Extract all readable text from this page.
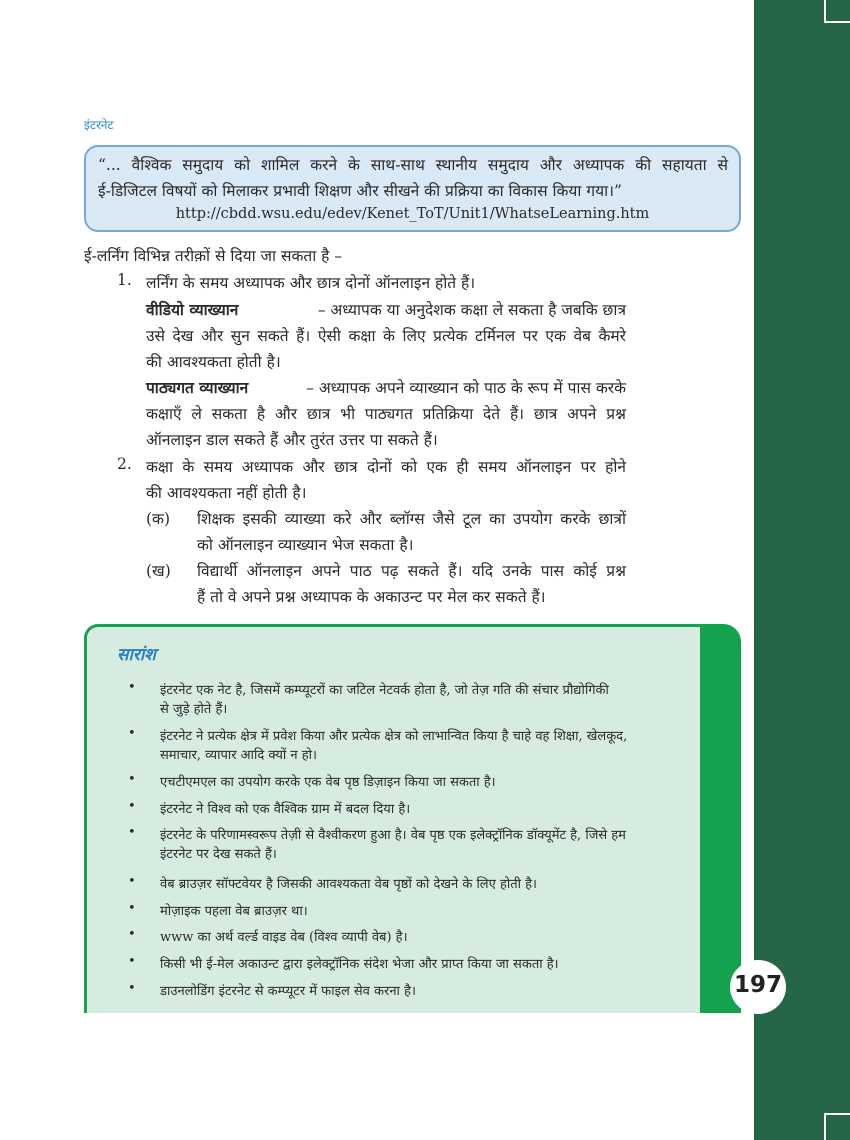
इंटरनेट
“... वैश्विक समुदाय को शामिल करने के साथ-साथ स्थानीय समुदाय और अध्यापक की सहायता से
ई-डिजिटल विषयों को मिलाकर प्रभावी शिक्षण और सीखने की प्रक्रिया का विकास किया गया।”
http://cbdd.wsu.edu/edev/Kenet_ToT/Unit1/WhatseLearning.htm
ई-लर्निंग विभिन्न तरीक़ों से दिया जा सकता है –
1. लर्निंग के समय अध्यापक और छात्र दोनों ऑनलाइन होते हैं।
वीडियो व्याख्यान	– अध्यापक या अनुदेशक कक्षा ले सकता है जबकि छात्र
उसे देख और सुन सकते हैं। ऐसी कक्षा के लिए प्रत्येक टर्मिनल पर एक वेब कैमरे
की आवश्यकता होती है।
पाठ्यगत व्याख्यान	– अध्यापक अपने व्याख्यान को पाठ के रूप में पास करके
कक्षाएँ ले सकता है और छात्र भी पाठ्यगत प्रतिक्रिया देते हैं। छात्र अपने प्रश्न
ऑनलाइन डाल सकते हैं और तुरंत उत्तर पा सकते हैं।
2. कक्षा के समय अध्यापक और छात्र दोनों को एक ही समय ऑनलाइन पर होने
की आवश्यकता नहीं होती है।
(क) शिक्षक इसकी व्याख्या करे और ब्लॉग्स जैसे टूल का उपयोग करके छात्रों
को ऑनलाइन व्याख्यान भेज सकता है।
(ख) विद्यार्थी ऑनलाइन अपने पाठ पढ़ सकते हैं। यदि उनके पास कोई प्रश्न
हैं तो वे अपने प्रश्न अध्यापक के अकाउन्ट पर मेल कर सकते हैं।
सारांश
• इंटरनेट एक नेट है, जिसमें कम्प्यूटरों का जटिल नेटवर्क होता है, जो तेज़ गति की संचार प्रौद्योगिकी
से जुड़े होते हैं।
• इंटरनेट ने प्रत्येक क्षेत्र में प्रवेश किया और प्रत्येक क्षेत्र को लाभान्वित किया है चाहे वह शिक्षा, खेलकूद,
समाचार, व्यापार आदि क्यों न हो।
• एचटीएमएल का उपयोग करके एक वेब पृष्ठ डिज़ाइन किया जा सकता है।
• इंटरनेट ने विश्व को एक वैश्विक ग्राम में बदल दिया है।
• इंटरनेट के परिणामस्वरूप तेज़ी से वैश्वीकरण हुआ है। वेब पृष्ठ एक इलेक्ट्रॉनिक डॉक्यूमेंट है, जिसे हम
इंटरनेट पर देख सकते हैं।
• वेब ब्राउज़र सॉफ्टवेयर है जिसकी आवश्यकता वेब पृष्ठों को देखने के लिए होती है।
• मोज़ाइक पहला वेब ब्राउज़र था।
• www का अर्थ वर्ल्ड वाइड वेब (विश्व व्यापी वेब) है।
• किसी भी ई-मेल अकाउन्ट द्वारा इलेक्ट्रॉनिक संदेश भेजा और प्राप्त किया जा सकता है।
• डाउनलोडिंग इंटरनेट से कम्प्यूटर में फाइल सेव करना है।	197
